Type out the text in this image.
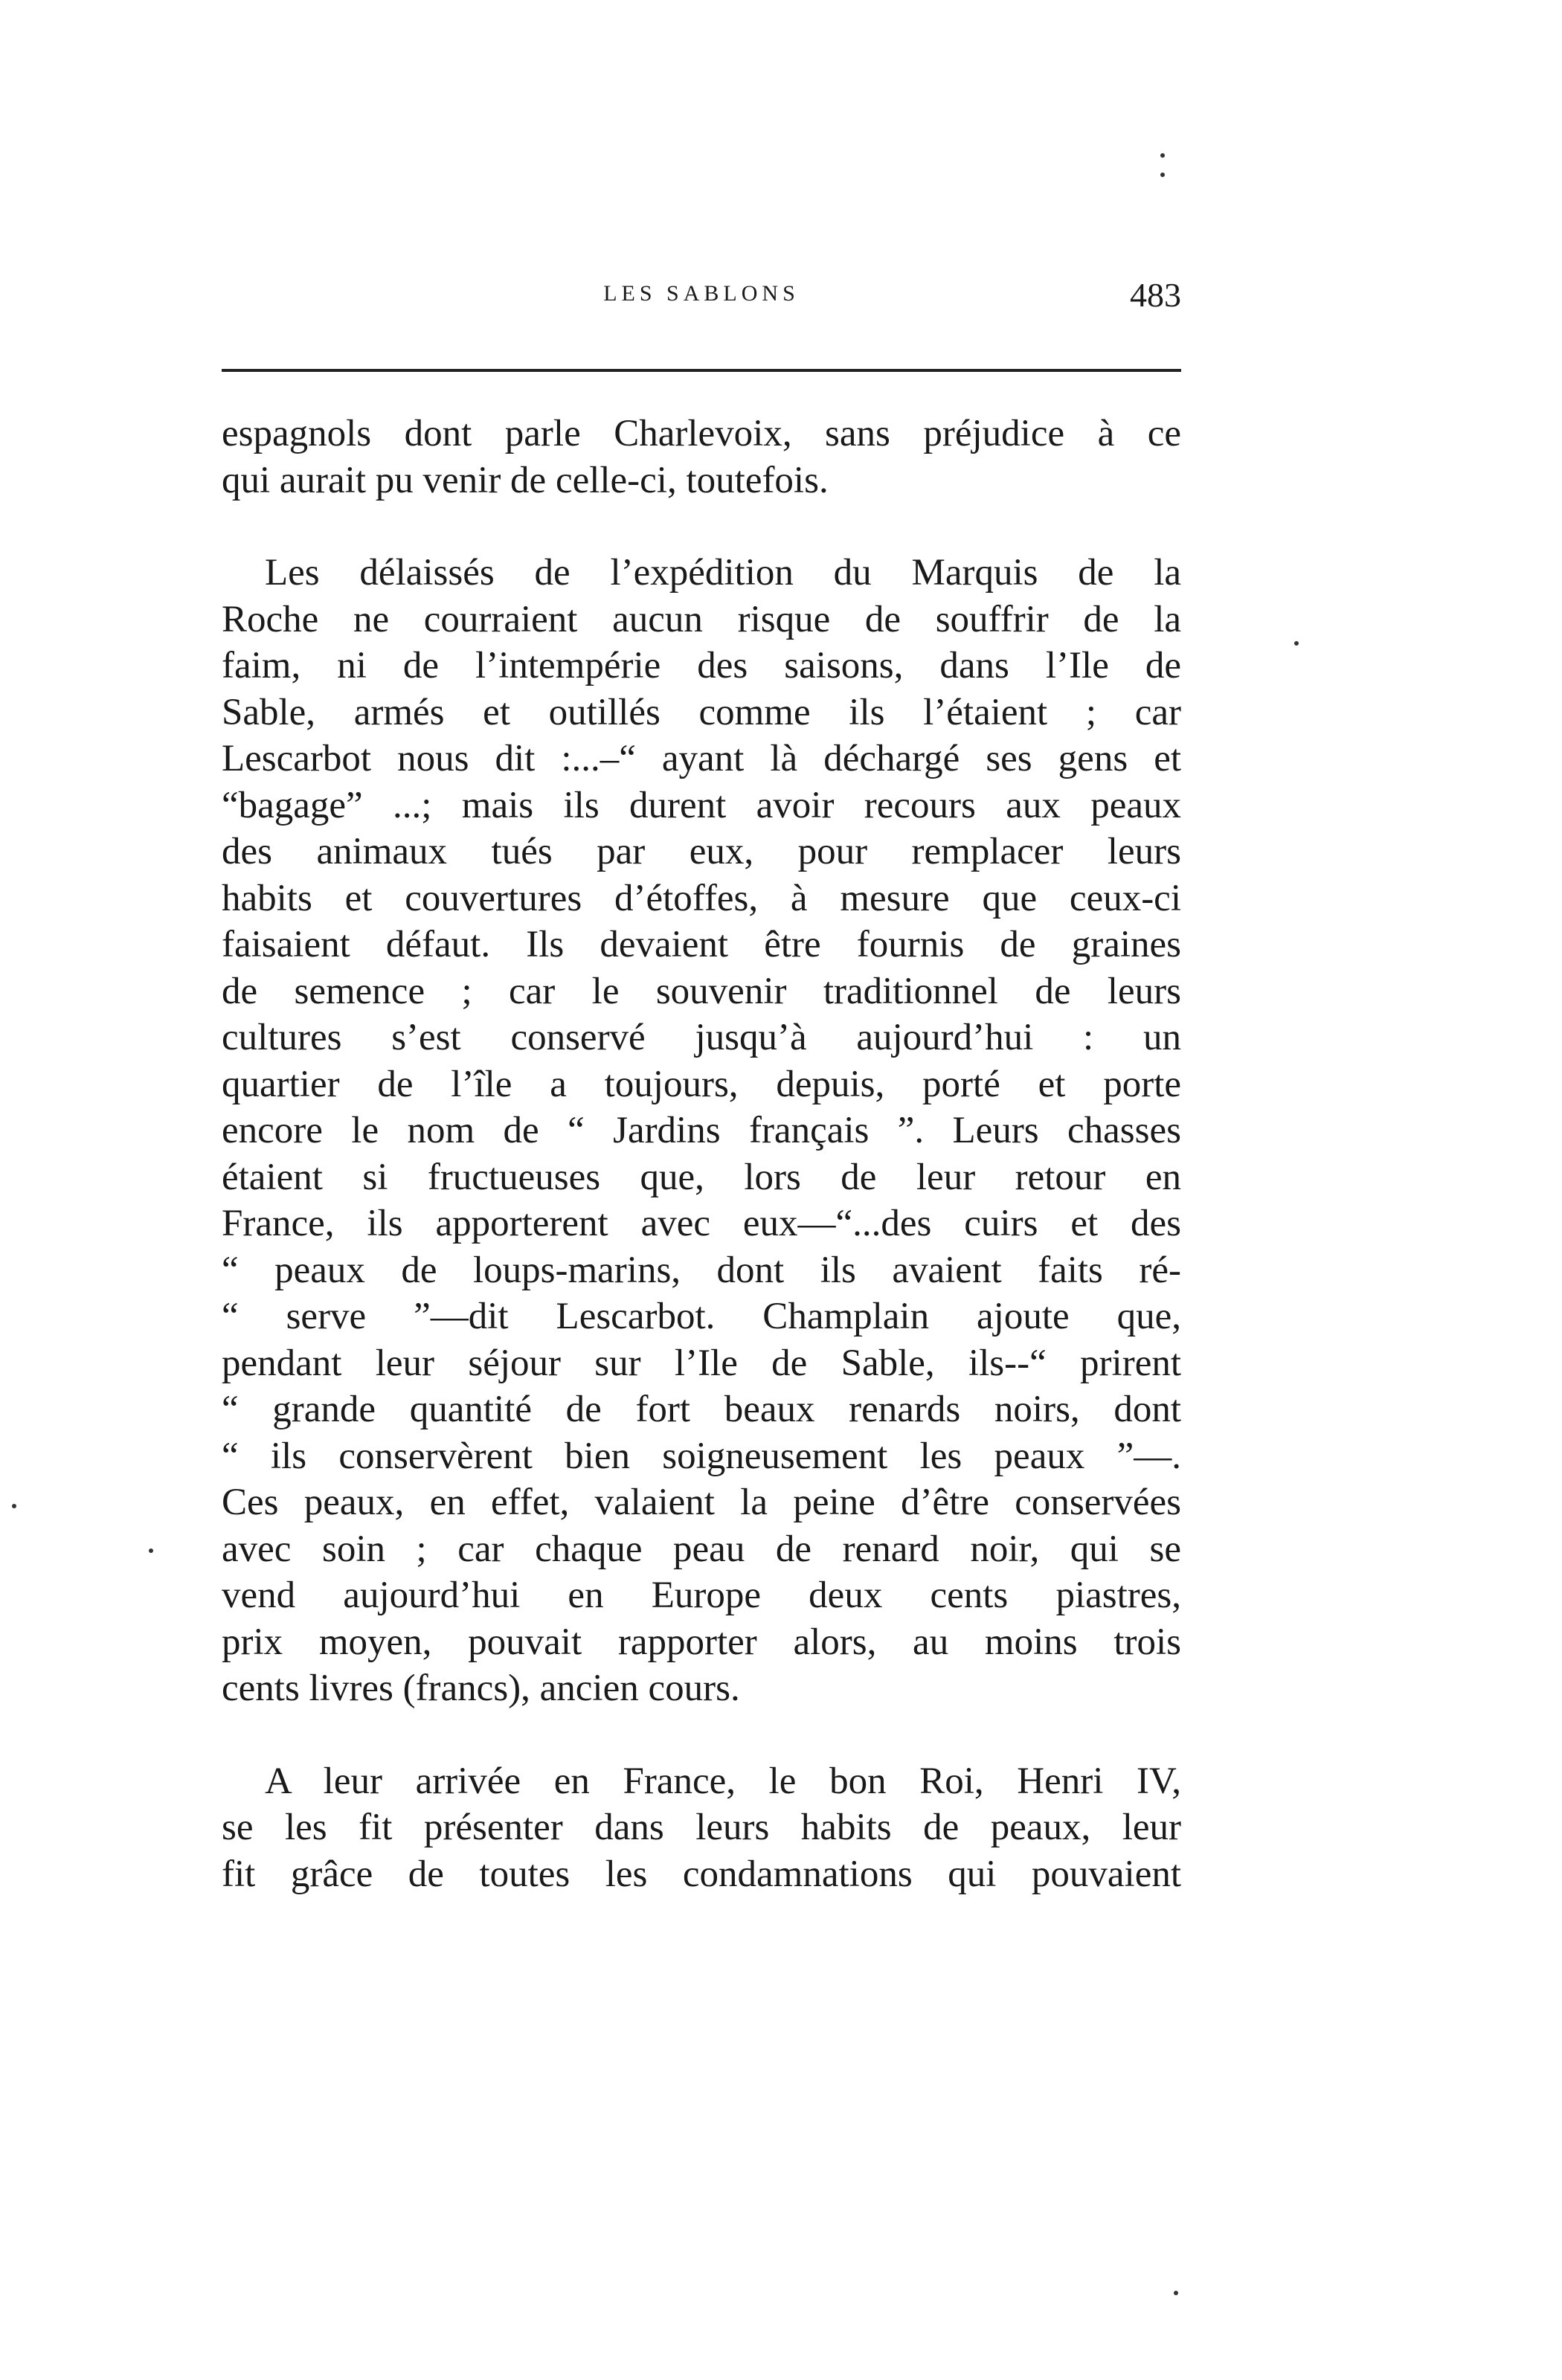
LES SABLONS	483
espagnols dont parle Charlevoix, sans préjudice à ce
qui aurait pu venir de celle-ci, toutefois.
Les délaissés de l’expédition du Marquis de la
Roche ne courraient aucun risque de souffrir de la
faim, ni de l’intempérie des saisons, dans l’Ile de
Sable, armés et outillés comme ils l’étaient ; car
Lescarbot nous dit :...–“ ayant là déchargé ses gens et
“bagage” ...; mais ils durent avoir recours aux peaux
des animaux tués par eux, pour remplacer leurs
habits et couvertures d’étoffes, à mesure que ceux-ci
faisaient défaut. Ils devaient être fournis de graines
de semence ; car le souvenir traditionnel de leurs
cultures s’est conservé jusqu’à aujourd’hui : un
quartier de l’île a toujours, depuis, porté et porte
encore le nom de “ Jardins français ”. Leurs chasses
étaient si fructueuses que, lors de leur retour en
France, ils apporterent avec eux—“...des cuirs et des
“ peaux de loups-marins, dont ils avaient faits ré-
“ serve ”—dit Lescarbot. Champlain ajoute que,
pendant leur séjour sur l’Ile de Sable, ils--“ prirent
“ grande quantité de fort beaux renards noirs, dont
“ ils conservèrent bien soigneusement les peaux ”—.
Ces peaux, en effet, valaient la peine d’être conservées
avec soin ; car chaque peau de renard noir, qui se
vend aujourd’hui en Europe deux cents piastres,
prix moyen, pouvait rapporter alors, au moins trois
cents livres (francs), ancien cours.
A leur arrivée en France, le bon Roi, Henri IV,
se les fit présenter dans leurs habits de peaux, leur
fit grâce de toutes les condamnations qui pouvaient
